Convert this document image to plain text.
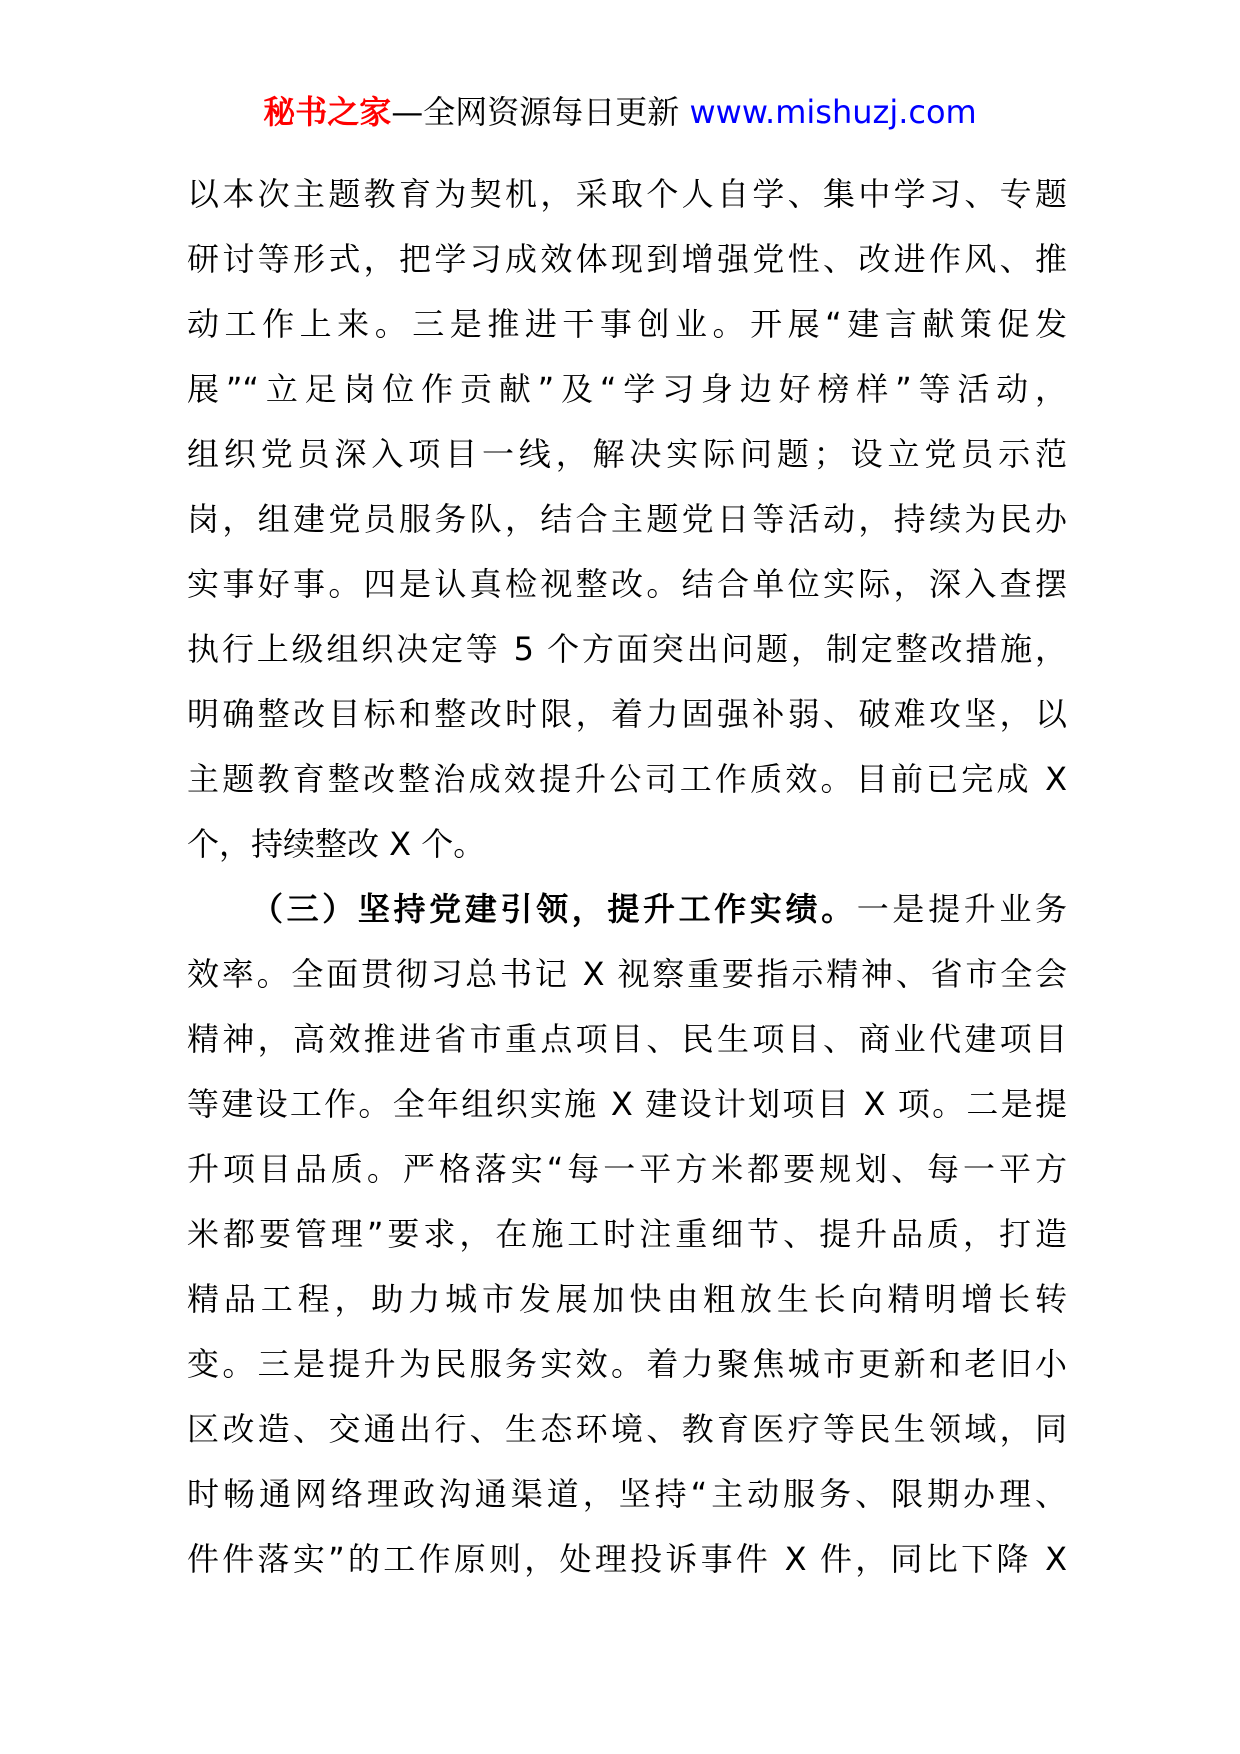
秘书之家—全网资源每日更新 www.mishuzj.com
以本次主题教育为契机，采取个人自学、集中学习、专题
研讨等形式，把学习成效体现到增强党性、改进作风、推
动工作上来。三是推进干事创业。开展“建言献策促发
展”“立足岗位作贡献”及“学习身边好榜样”等活动，
组织党员深入项目一线，解决实际问题；设立党员示范
岗，组建党员服务队，结合主题党日等活动，持续为民办
实事好事。四是认真检视整改。结合单位实际，深入查摆
执行上级组织决定等 5 个方面突出问题，制定整改措施，
明确整改目标和整改时限，着力固强补弱、破难攻坚，以
主题教育整改整治成效提升公司工作质效。目前已完成 X
个，持续整改 X 个。
（三）坚持党建引领，提升工作实绩。一是提升业务
效率。全面贯彻习总书记 X 视察重要指示精神、省市全会
精神，高效推进省市重点项目、民生项目、商业代建项目
等建设工作。全年组织实施 X 建设计划项目 X 项。二是提
升项目品质。严格落实“每一平方米都要规划、每一平方
米都要管理”要求，在施工时注重细节、提升品质，打造
精品工程，助力城市发展加快由粗放生长向精明增长转
变。三是提升为民服务实效。着力聚焦城市更新和老旧小
区改造、交通出行、生态环境、教育医疗等民生领域，同
时畅通网络理政沟通渠道，坚持“主动服务、限期办理、
件件落实”的工作原则，处理投诉事件 X 件，同比下降 X
